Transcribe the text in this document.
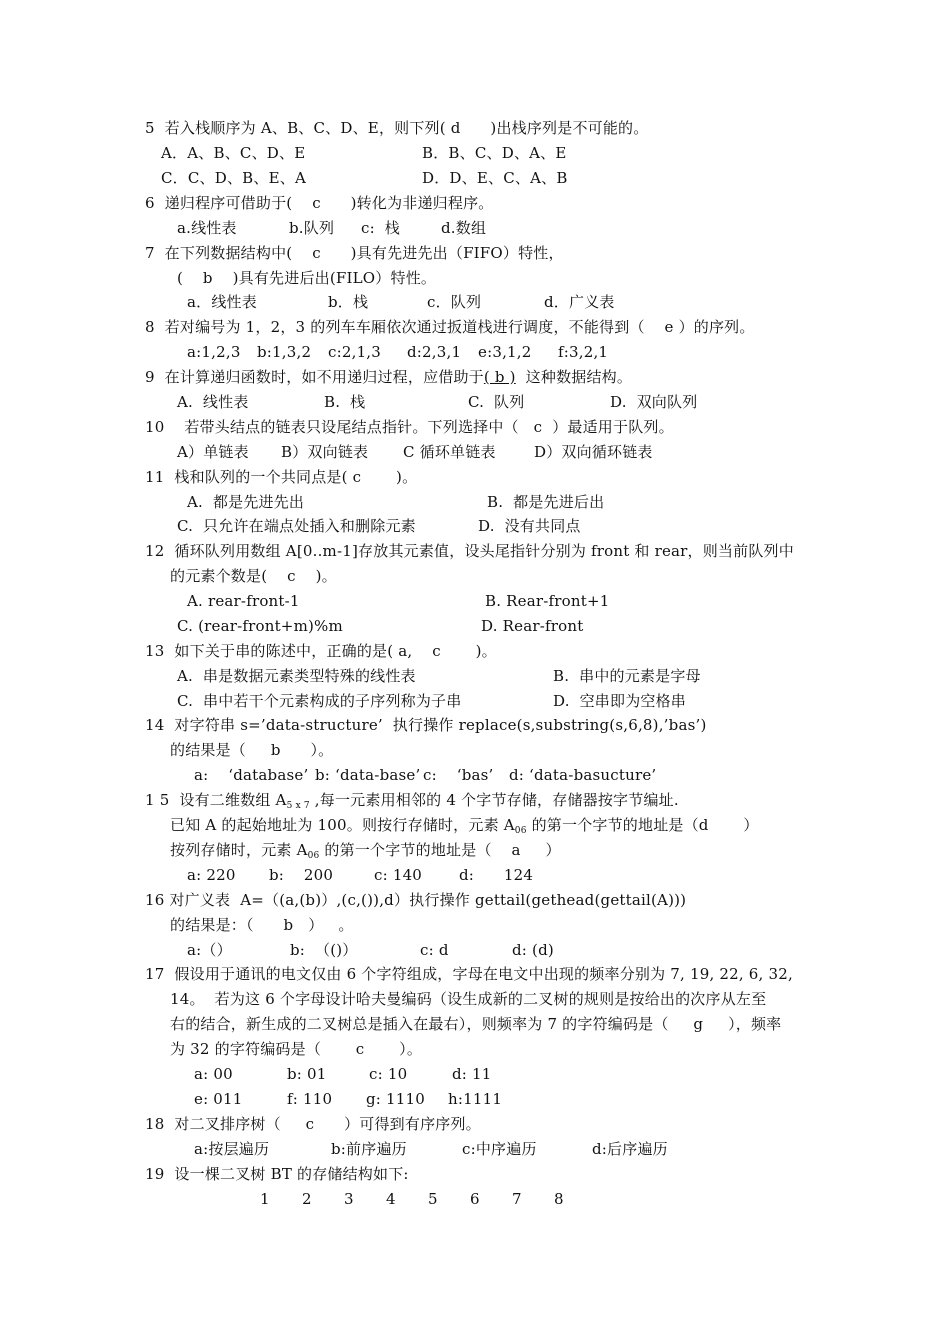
5  若入栈顺序为 A、B、C、D、E，则下列( d      )出栈序列是不可能的。
A．A、B、C、D、E	B．B、C、D、A、E
C．C、D、B、E、A	D．D、E、C、A、B
6  递归程序可借助于(    c      )转化为非递归程序。
a.线性表	b.队列 c:  栈	d.数组
7  在下列数据结构中(    c      )具有先进先出（FIFO）特性，
(    b    )具有先进后出(FILO）特性。
a．线性表	b．栈	c．队列	d．广义表
8  若对编号为 1，2，3 的列车车厢依次通过扳道栈进行调度，不能得到（    e ）的序列。
a:1,2,3 b:1,3,2 c:2,1,3 d:2,3,1 e:3,1,2 f:3,2,1
9  在计算递归函数时，如不用递归过程，应借助于( b )  这种数据结构。
A.  线性表	B.  栈	C.  队列	D.  双向队列
10    若带头结点的链表只设尾结点指针。下列选择中（   c  ）最适用于队列。
A）单链表 B）双向链表 C 循环单链表	D）双向循环链表
11  栈和队列的一个共同点是( c       )。
A.  都是先进先出	B.  都是先进后出
C.  只允许在端点处插入和删除元素	D.  没有共同点
12  循环队列用数组 A[0..m-1]存放其元素值，设头尾指针分别为 front 和 rear，则当前队列中
的元素个数是(    c    )。
A. rear-front-1	B. Rear-front+1
C. (rear-front+m)%m	D. Rear-front
13  如下关于串的陈述中，正确的是( a,    c       )。
A.  串是数据元素类型特殊的线性表	B.  串中的元素是字母
C.  串中若干个元素构成的子序列称为子串	D.  空串即为空格串
14  对字符串 s=’data-structure’  执行操作 replace(s,substring(s,6,8),’bas’)
的结果是（     b      ）。
a:    ‘database’ b: ‘data-base’ c:    ‘bas’ d: ‘data-basucture’
1 5  设有二维数组 $A_{5 x 7}$ ,每一元素用相邻的 4 个字节存储，存储器按字节编址.
已知 A 的起始地址为 100。则按行存储时，元素 $A_{06}$ 的第一个字节的地址是（d       ）
按列存储时，元素 $A_{06}$ 的第一个字节的地址是（    a     ）
a: 220 b:    200	c: 140 d:      124
16 对广义表  A=（(a,(b)）,(c,()),d）执行操作 gettail(gethead(gettail(A)))
的结果是：（      b   ）   。
a:（）	b:  （()）	c: d	d: (d)
17  假设用于通讯的电文仅由 6 个字符组成，字母在电文中出现的频率分别为 7, 19, 22, 6, 32,
14。  若为这 6 个字母设计哈夫曼编码（设生成新的二叉树的规则是按给出的次序从左至
右的结合，新生成的二叉树总是插入在最右），则频率为 7 的字符编码是（     g     ），频率
为 32 的字符编码是（       c       ）。
a: 00	b: 01	c: 10	d: 11
e: 011	f: 110 g: 1110 h:1111
18  对二叉排序树（     c      ）可得到有序序列。
a:按层遍历	b:前序遍历	c:中序遍历	d:后序遍历
19  设一棵二叉树 BT 的存储结构如下:
1 2 3 4 5 6 7 8
